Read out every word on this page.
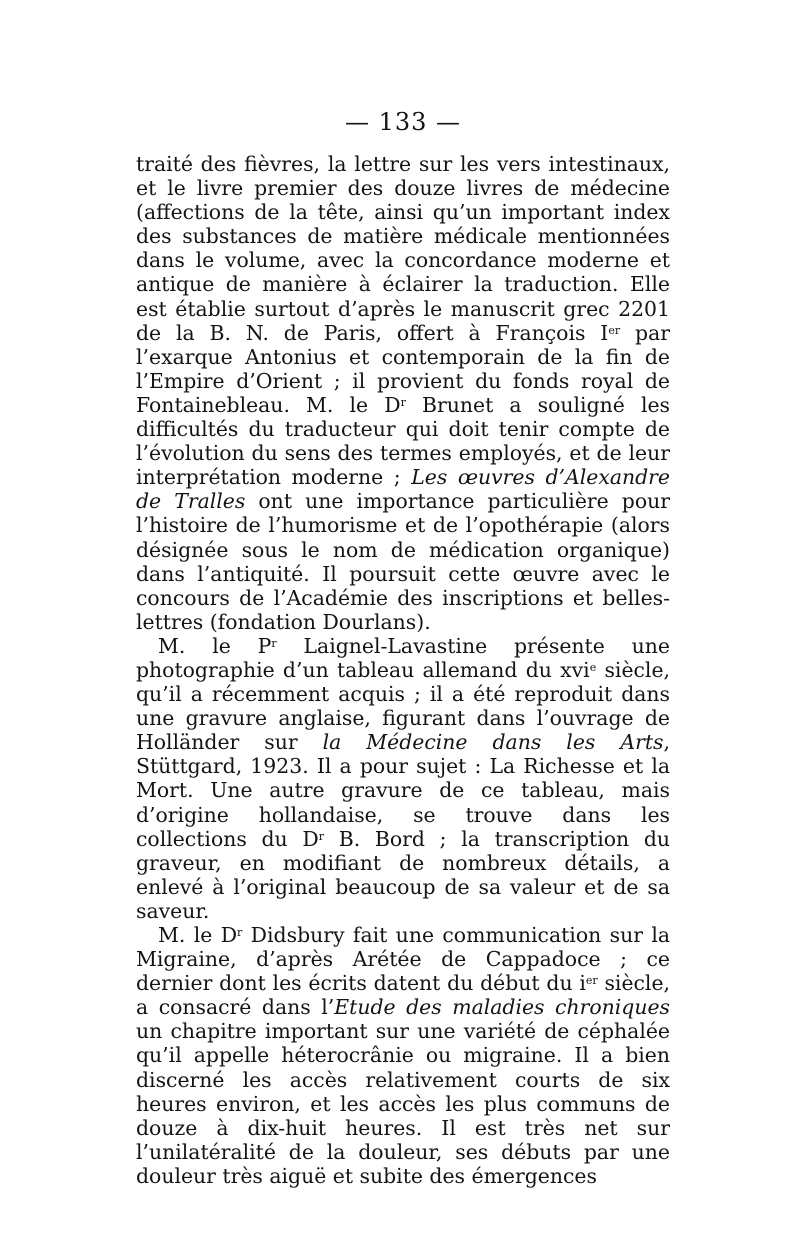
— 133 —

traité des fièvres, la lettre sur les vers intestinaux, et le livre premier des douze livres de médecine (affections de la tête, ainsi qu’un important index des substances de matière médicale mentionnées dans le volume, avec la concordance moderne et antique de manière à éclairer la traduction. Elle est établie surtout d’après le manuscrit grec 2201 de la B. N. de Paris, offert à François Ier par l’exarque Antonius et contemporain de la fin de l’Empire d’Orient ; il provient du fonds royal de Fontainebleau. M. le $D^r$ Brunet a souligné les difficultés du traducteur qui doit tenir compte de l’évolution du sens des termes employés, et de leur interprétation moderne ; Les œuvres d’Alexandre de Tralles ont une importance particulière pour l’histoire de l’humorisme et de l’opothérapie (alors désignée sous le nom de médication organique) dans l’antiquité. Il poursuit cette œuvre avec le concours de l’Académie des inscriptions et belles-lettres (fondation Dourlans).

M. le $P^r$ Laignel-Lavastine présente une photographie d’un tableau allemand du xvi$^e$ siècle, qu’il a récemment acquis ; il a été reproduit dans une gravure anglaise, figurant dans l’ouvrage de Holländer sur la Médecine dans les Arts, Stüttgard, 1923. Il a pour sujet : La Richesse et la Mort. Une autre gravure de ce tableau, mais d’origine hollandaise, se trouve dans les collections du $D^r$ B. Bord ; la transcription du graveur, en modifiant de nombreux détails, a enlevé à l’original beaucoup de sa valeur et de sa saveur.

M. le $D^r$ Didsbury fait une communication sur la Migraine, d’après Arétée de Cappadoce ; ce dernier dont les écrits datent du début du $i^{er}$ siècle, a consacré dans l’Etude des maladies chroniques un chapitre important sur une variété de céphalée qu’il appelle héterocrânie ou migraine. Il a bien discerné les accès relativement courts de six heures environ, et les accès les plus communs de douze à dix-huit heures. Il est très net sur l’unilatéralité de la douleur, ses débuts par une douleur très aiguë et subite des émergences
